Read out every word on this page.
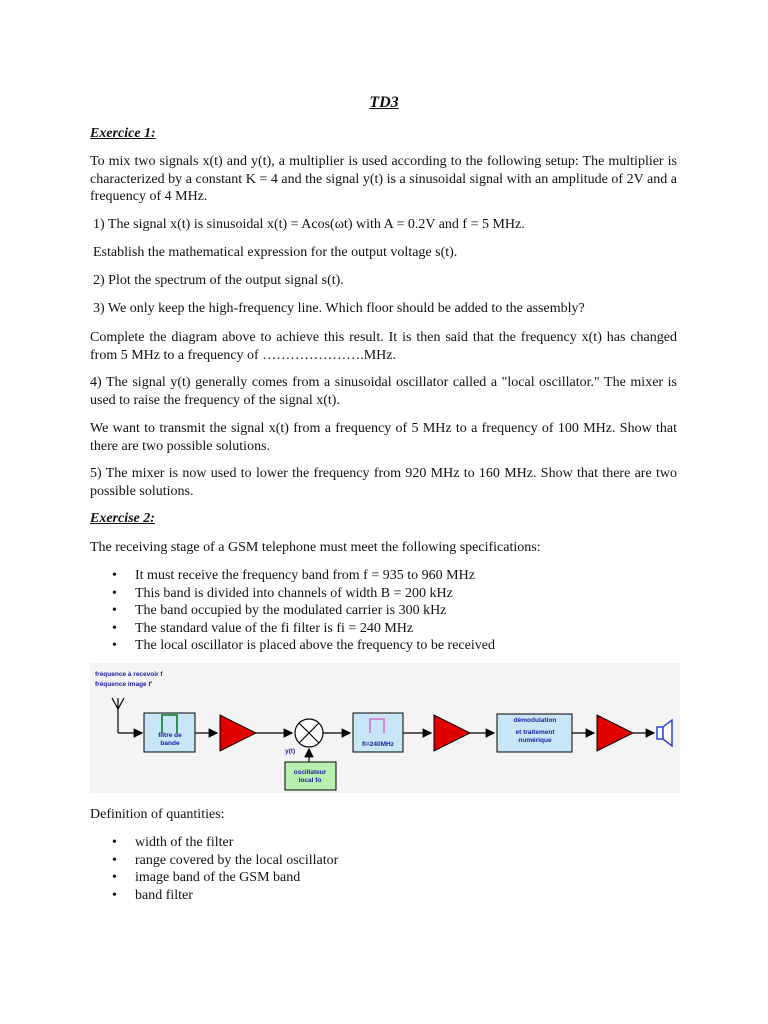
TD3
Exercice 1:

To mix two signals x(t) and y(t), a multiplier is used according to the following setup: The multiplier is characterized by a constant K = 4 and the signal y(t) is a sinusoidal signal with an amplitude of 2V and a frequency of 4 MHz.

1) The signal x(t) is sinusoidal x(t) = Acos(ωt) with A = 0.2V and f = 5 MHz.

Establish the mathematical expression for the output voltage s(t).

2) Plot the spectrum of the output signal s(t).

3) We only keep the high-frequency line. Which floor should be added to the assembly?

Complete the diagram above to achieve this result. It is then said that the frequency x(t) has changed from 5 MHz to a frequency of ………………….MHz.

4) The signal y(t) generally comes from a sinusoidal oscillator called a "local oscillator." The mixer is used to raise the frequency of the signal x(t).

We want to transmit the signal x(t) from a frequency of 5 MHz to a frequency of 100 MHz. Show that there are two possible solutions.

5) The mixer is now used to lower the frequency from 920 MHz to 160 MHz. Show that there are two possible solutions.

Exercise 2:

The receiving stage of a GSM telephone must meet the following specifications:

• It must receive the frequency band from f = 935 to 960 MHz
• This band is divided into channels of width B = 200 kHz
• The band occupied by the modulated carrier is 300 kHz
• The standard value of the fi filter is fi = 240 MHz
• The local oscillator is placed above the frequency to be received
fréquence à recevoir f
fréquence image f'
filtre de
bande
y(t)
oscillateur
local fo
fi=240MHz
démodulation
et traitement
numérique

Definition of quantities:

• width of the filter
• range covered by the local oscillator
• image band of the GSM band
• band filter
